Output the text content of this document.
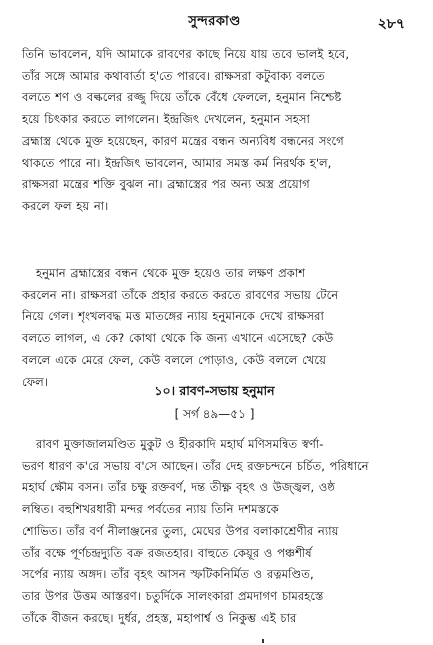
সুন্দরকাণ্ড	২৮৭
তিনি ভাবলেন, যদি আমাকে রাবণের কাছে নিয়ে যায় তবে ভালই হবে,
তাঁর সঙ্গে আমার কথাবার্তা হ'তে পারবে। রাক্ষসরা কটুবাক্য বলতে
বলতে শণ ও বল্কলের রজ্জু দিয়ে তাঁকে বেঁধে ফেললে, হনুমান নিশ্চেষ্ট
হয়ে চিৎকার করতে লাগলেন। ইন্দ্রজিৎ দেখলেন, হনুমান সহসা
ব্রহ্মাস্ত্র থেকে মুক্ত হয়েছেন, কারণ মন্ত্রের বন্ধন অন্যবিধ বন্ধনের সংগে
থাকতে পারে না। ইন্দ্রজিৎ ভাবলেন, আমার সমস্ত কর্ম নিরর্থক হ'ল,
রাক্ষসরা মন্ত্রের শক্তি বুঝল না। ব্রহ্মাস্ত্রের পর অন্য অস্ত্র প্রয়োগ
করলে ফল হয় না।
হনুমান ব্রহ্মাস্ত্রের বন্ধন থেকে মুক্ত হয়েও তার লক্ষণ প্রকাশ
করলেন না। রাক্ষসরা তাঁকে প্রহার করতে করতে রাবণের সভায় টেনে
নিয়ে গেল। শৃংখলবদ্ধ মত্ত মাতঙ্গের ন্যায় হনুমানকে দেখে রাক্ষসরা
বলতে লাগল, এ কে? কোথা থেকে কি জন্য এখানে এসেছে? কেউ
বললে একে মেরে ফেল, কেউ বললে পোড়াও, কেউ বললে খেয়ে
ফেল।
১০। রাবণ-সভায় হনুমান
[ সর্গ ৪৯—৫১ ]
রাবণ মুক্তাজালমণ্ডিত মুকুট ও হীরকাদি মহার্ঘ মণিসমন্বিত স্বর্ণা-
ভরণ ধারণ ক'রে সভায় ব'সে আছেন। তাঁর দেহ রক্তচন্দনে চর্চিত, পরিধানে
মহার্ঘ ক্ষৌম বসন। তাঁর চক্ষু রক্তবর্ণ, দন্ত তীক্ষ্ণ বৃহৎ ও উজ্জ্বল, ওষ্ঠ
লম্বিত। বহুশিখরধারী মন্দর পর্বতের ন্যায় তিনি দশমস্তকে
শোভিত। তাঁর বর্ণ নীলাঞ্জনের তুল্য, মেঘের উপর বলাকাশ্রেণীর ন্যায়
তাঁর বক্ষে পূর্ণচন্দ্রদ্যুতি বক্র রজতহার। বাহুতে কেয়ূর ও পঞ্চশীর্ষ
সর্পের ন্যায় অঙ্গদ। তাঁর বৃহৎ আসন স্ফটিকনির্মিত ও রত্নমণ্ডিত,
তার উপর উত্তম আস্তরণ। চতুর্দিকে সালংকারা প্রমদাগণ চামরহস্তে
তাঁকে বীজন করছে। দুর্ধর, প্রহস্ত, মহাপার্শ্ব ও নিকুম্ভ এই চার
